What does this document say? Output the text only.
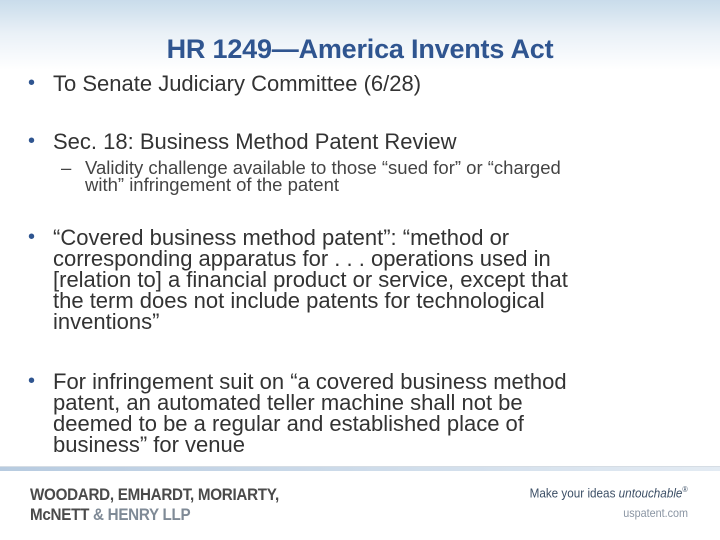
HR 1249—America Invents Act
• To Senate Judiciary Committee (6/28)
• Sec. 18: Business Method Patent Review
– Validity challenge available to those “sued for” or “charged
with” infringement of the patent
• “Covered business method patent”: “method or
corresponding apparatus for . . . operations used in
[relation to] a financial product or service, except that
the term does not include patents for technological
inventions”
• For infringement suit on “a covered business method
patent, an automated teller machine shall not be
deemed to be a regular and established place of
business” for venue
WOODARD, EMHARDT, MORIARTY,
McNETT & HENRY LLP
Make your ideas untouchable®
uspatent.com
